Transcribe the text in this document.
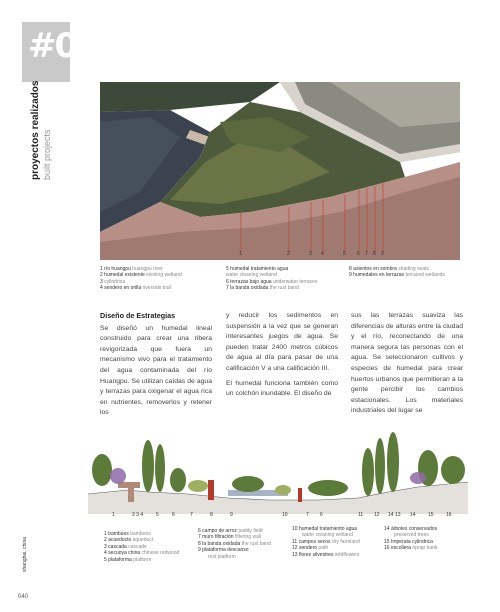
#005
proyectos realizados built projects
shanghai, china
040
1	2	3 4	5 6 7 8 9
1 río huangpu huangpu river
2 humedal existente existing wetland
3 cylindrica
4 sendero en orilla riverside trail
5 humedal tratamiento agua
water cleaning wetland
6 terrazas bajo agua underwater terraces
7 la banda oxidada the rust band
8 asientos en sombra shading seats
9 humedales en terrazas terraced wetlands
Diseño de Estrategias

Se diseñó un humedal lineal construido para crear una ribera revigorizada que fuera un mecanismo vivo para el tratamiento del agua contaminada del río Huangpu. Se utilizan caídas de agua y terrazas para oxigenar el agua rica en nutrientes, removerlos y retener los

y reducir los sedimentos en suspensión a la vez que se generan interesantes juegos de agua. Se pueden tratar 2400 metros cúbicos de agua al día para pasar de una calificación V a una calificación III.

El humedal funciona también como un colchón inundable. El diseño de

sus las terrazas suaviza las diferencias de alturas entre la ciudad y el río, reconectando de una manera segura las personas con el agua. Se seleccionaron cultivos y especies de humedal para crear huertos urbanos que permitieran a la gente percibir los cambios estacionales. Los materiales industriales del lugar se

1	2 3 4	5	6	7	8	9	10	7 6	11 12 14 13 14 15 16
1 bambúes bamboos
2 acueducto aqueduct
3 cascada cascade
4 secuoya china chinese redwood
5 plataforma platform
6 campo de arroz paddy field
7 muro filtración filtering wall
8 la banda oxidada the rust band
9 plataforma descanso
rest platform
10 humedal tratamiento agua
water cleaning wetland
11 campos secos dry farmland
12 sendero path
13 flores silvestres wildflowers
14 árboles conservados
preserved trees
15 Imperata cylindrica
16 escollera riprap bank
